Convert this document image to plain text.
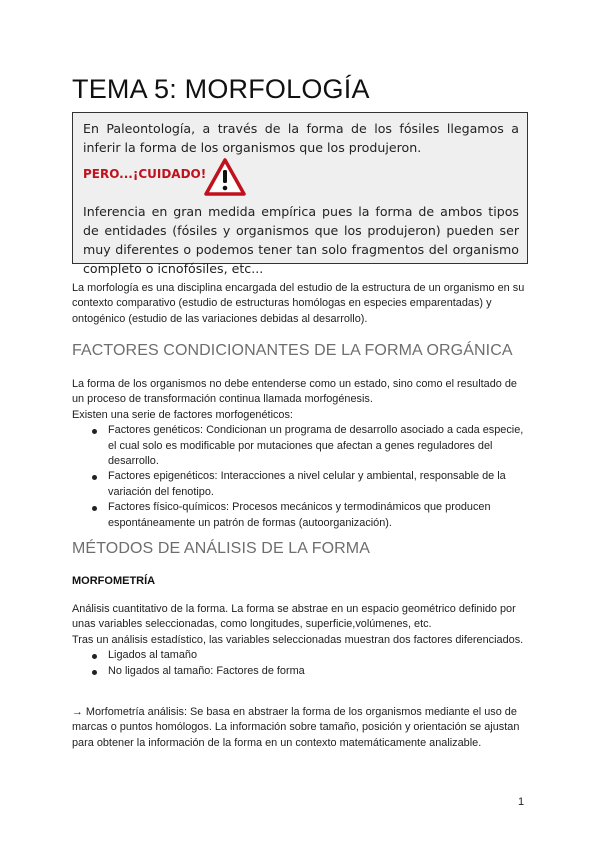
TEMA 5: MORFOLOGÍA

En Paleontología, a través de la forma de los fósiles llegamos a inferir la forma de los organismos que los produjeron.

PERO...¡CUIDADO!

Inferencia en gran medida empírica pues la forma de ambos tipos de entidades (fósiles y organismos que los produjeron) pueden ser muy diferentes o podemos tener tan solo fragmentos del organismo completo o icnofósiles, etc...

La morfología es una disciplina encargada del estudio de la estructura de un organismo en su contexto comparativo (estudio de estructuras homólogas en especies emparentadas) y ontogénico (estudio de las variaciones debidas al desarrollo).

FACTORES CONDICIONANTES DE LA FORMA ORGÁNICA

La forma de los organismos no debe entenderse como un estado, sino como el resultado de un proceso de transformación continua llamada morfogénesis.

Existen una serie de factores morfogenéticos:

Factores genéticos: Condicionan un programa de desarrollo asociado a cada especie, el cual solo es modificable por mutaciones que afectan a genes reguladores del desarrollo.
Factores epigenéticos: Interacciones a nivel celular y ambiental, responsable de la variación del fenotipo.
Factores físico-químicos: Procesos mecánicos y termodinámicos que producen espontáneamente un patrón de formas (autoorganización).
MÉTODOS DE ANÁLISIS DE LA FORMA
MORFOMETRÍA

Análisis cuantitativo de la forma. La forma se abstrae en un espacio geométrico definido por unas variables seleccionadas, como longitudes, superficie,volúmenes, etc.

Tras un análisis estadístico, las variables seleccionadas muestran dos factores diferenciados.

Ligados al tamaño
No ligados al tamaño: Factores de forma

→ Morfometría análisis: Se basa en abstraer la forma de los organismos mediante el uso de marcas o puntos homólogos. La información sobre tamaño, posición y orientación se ajustan para obtener la información de la forma en un contexto matemáticamente analizable.

1
